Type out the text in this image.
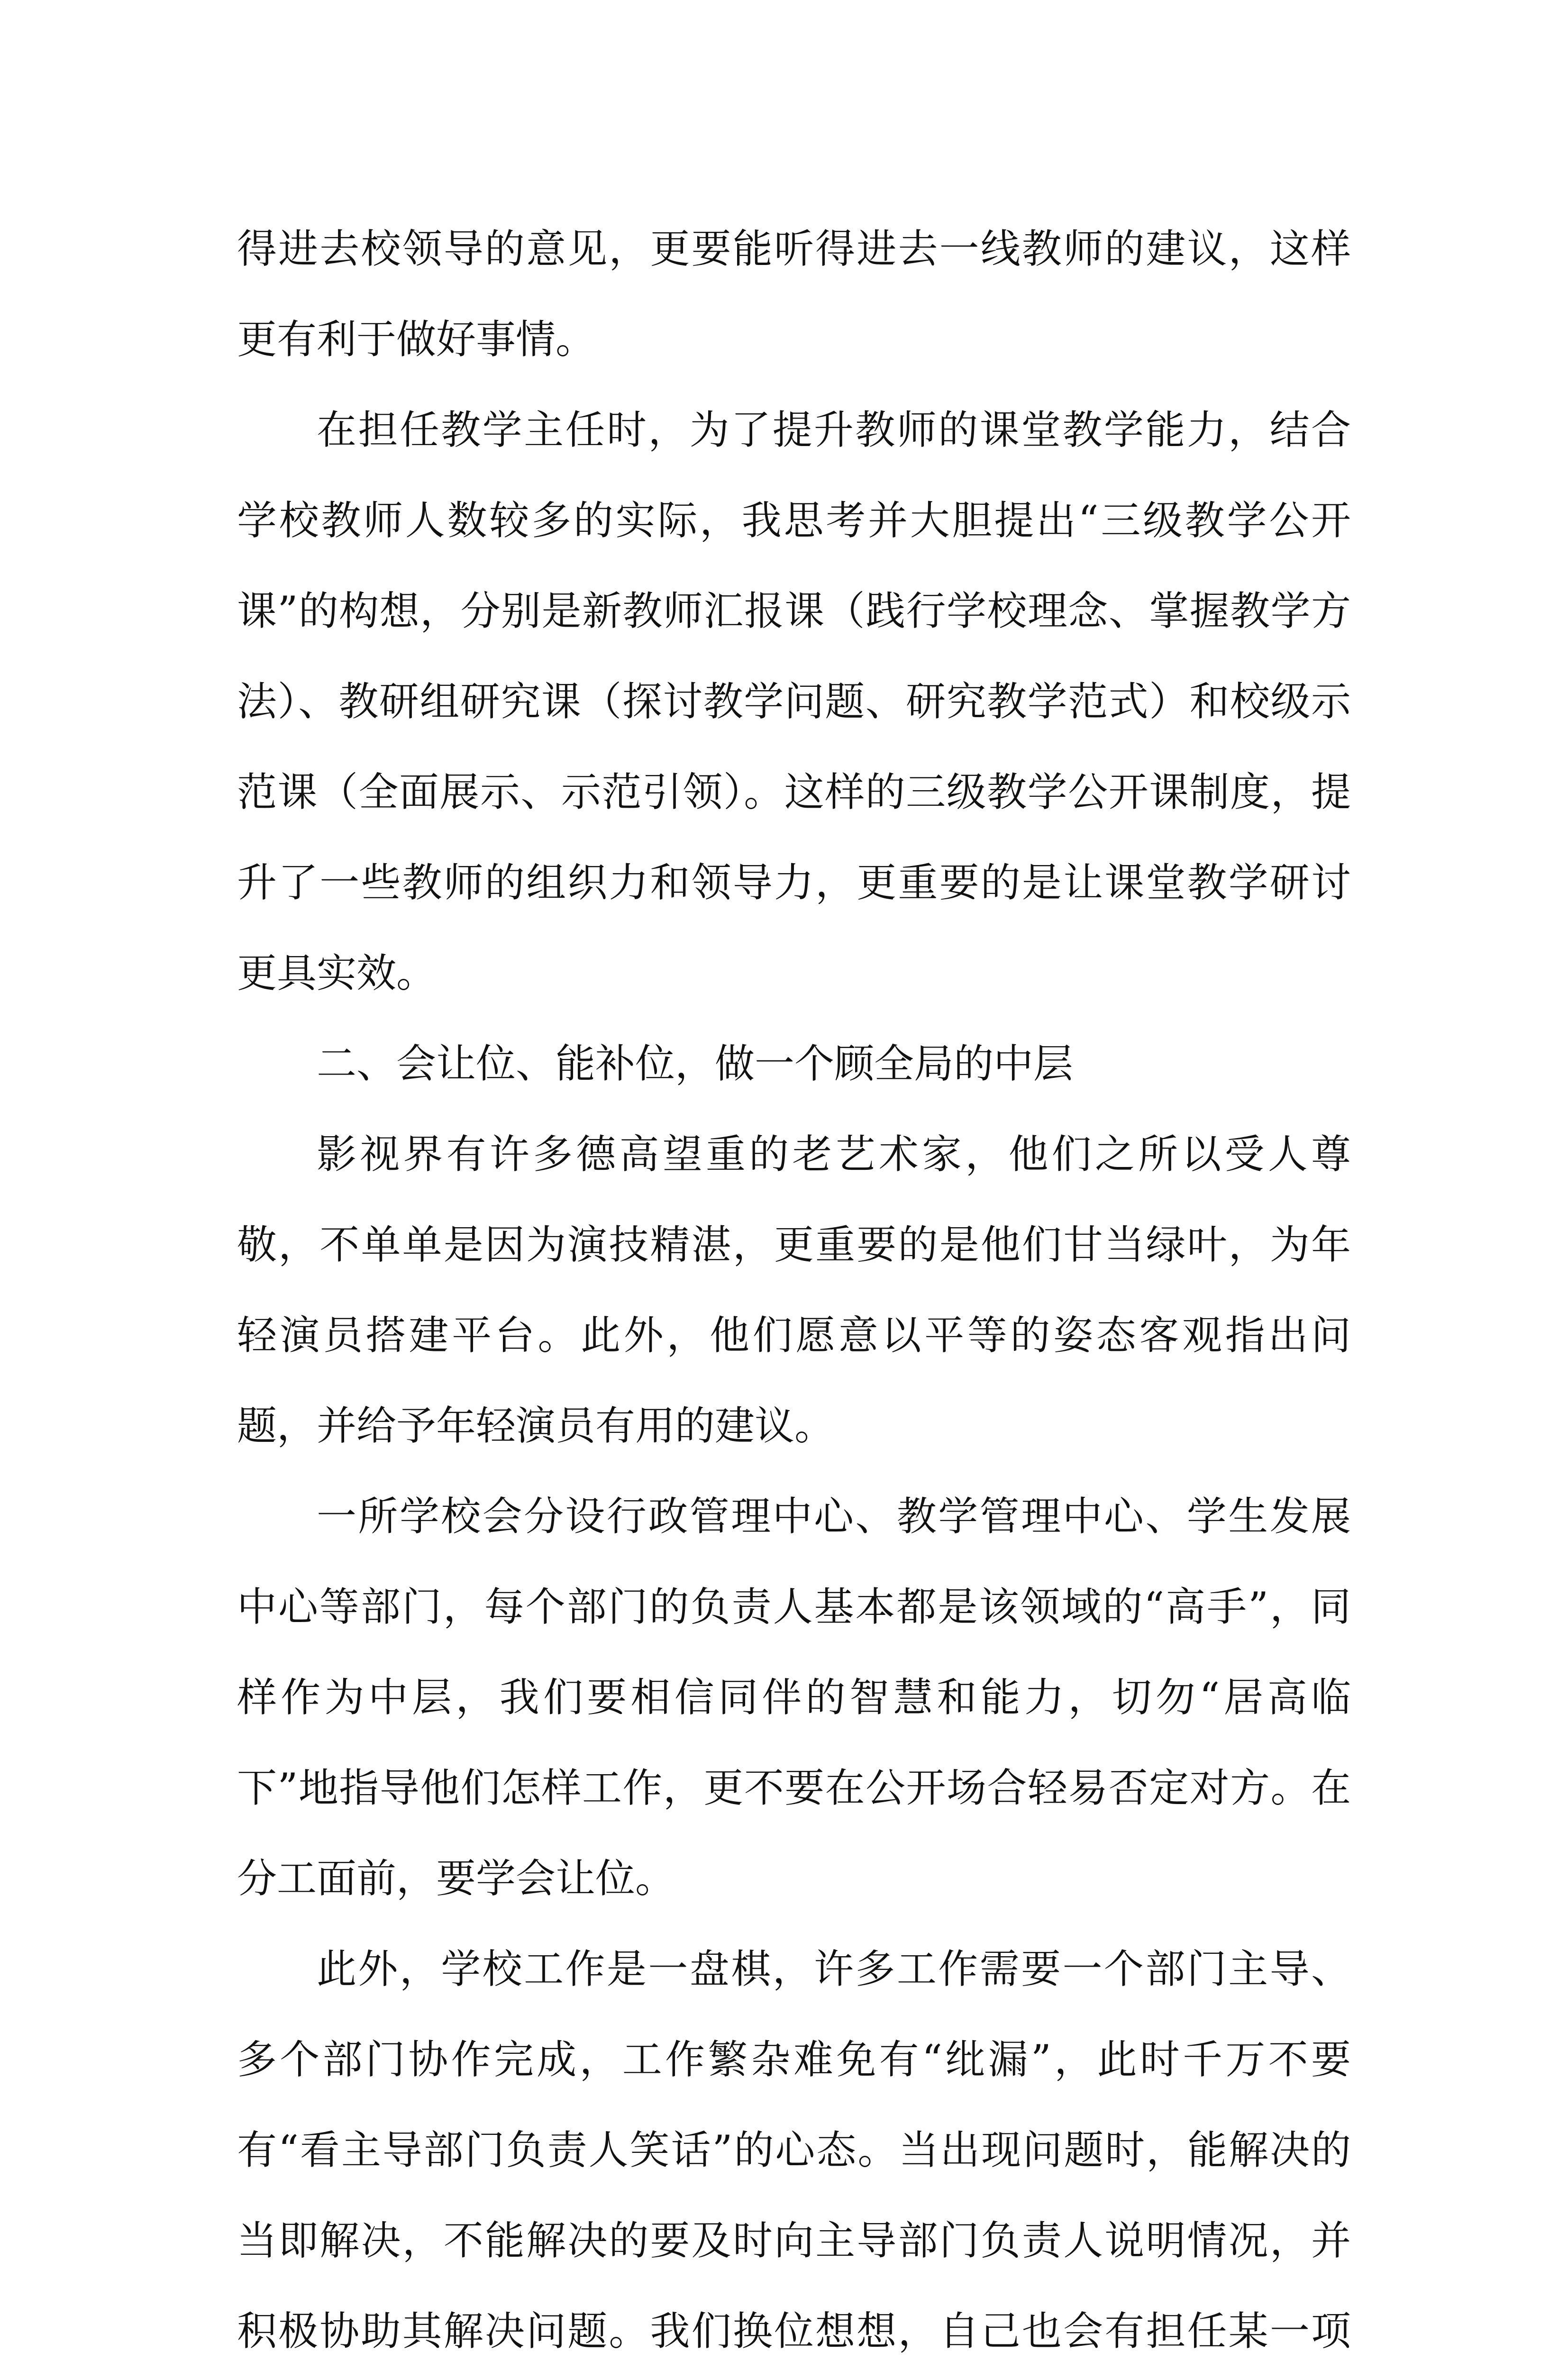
得进去校领导的意见，更要能听得进去一线教师的建议，这样更有利于做好事情。

在担任教学主任时，为了提升教师的课堂教学能力，结合学校教师人数较多的实际，我思考并大胆提出“三级教学公开课”的构想，分别是新教师汇报课（践行学校理念、掌握教学方法）、教研组研究课（探讨教学问题、研究教学范式）和校级示范课（全面展示、示范引领）。这样的三级教学公开课制度，提升了一些教师的组织力和领导力，更重要的是让课堂教学研讨更具实效。

二、会让位、能补位，做一个顾全局的中层

影视界有许多德高望重的老艺术家，他们之所以受人尊敬，不单单是因为演技精湛，更重要的是他们甘当绿叶，为年轻演员搭建平台。此外，他们愿意以平等的姿态客观指出问题，并给予年轻演员有用的建议。

一所学校会分设行政管理中心、教学管理中心、学生发展中心等部门，每个部门的负责人基本都是该领域的“高手”，同样作为中层，我们要相信同伴的智慧和能力，切勿“居高临下”地指导他们怎样工作，更不要在公开场合轻易否定对方。在分工面前，要学会让位。

此外，学校工作是一盘棋，许多工作需要一个部门主导、多个部门协作完成，工作繁杂难免有“纰漏”，此时千万不要有“看主导部门负责人笑话”的心态。当出现问题时，能解决的当即解决，不能解决的要及时向主导部门负责人说明情况，并积极协助其解决问题。我们换位想想，自己也会有担任某一项
